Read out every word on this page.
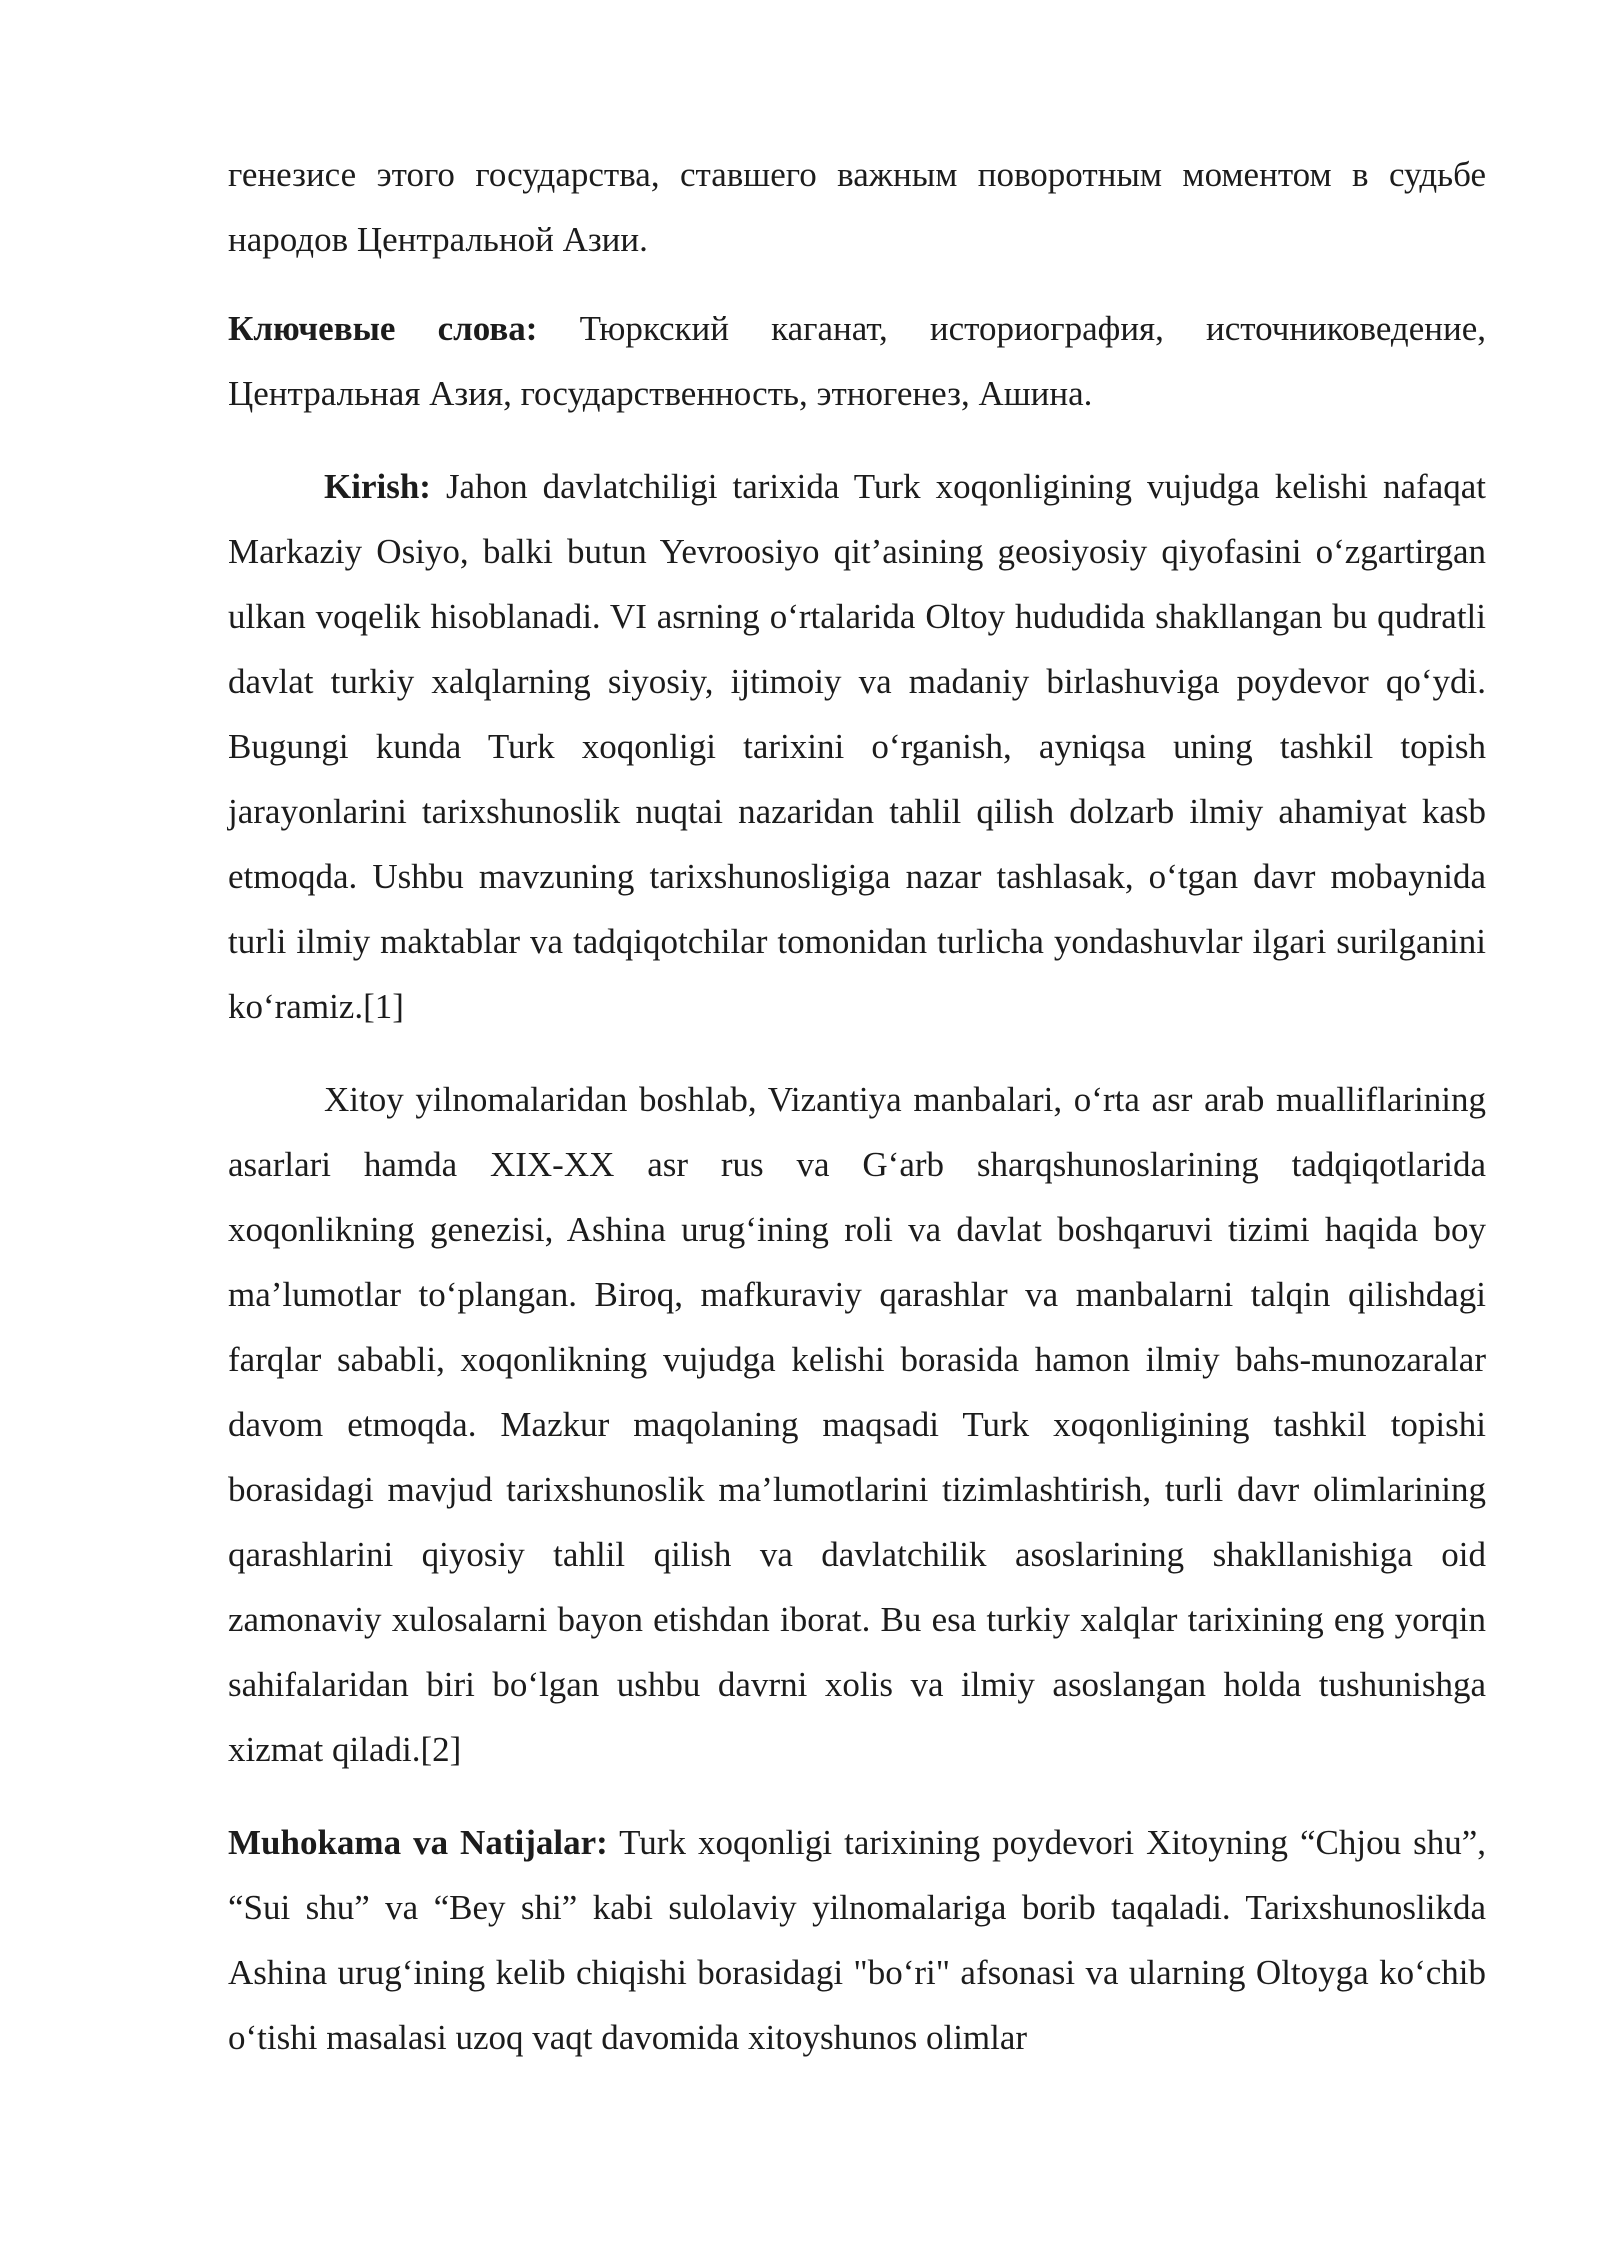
генезисе этого государства, ставшего важным поворотным моментом в судьбе народов Центральной Азии.

Ключевые слова: Тюркский каганат, историография, источниковедение, Центральная Азия, государственность, этногенез, Ашина.

Kirish: Jahon davlatchiligi tarixida Turk xoqonligining vujudga kelishi nafaqat Markaziy Osiyo, balki butun Yevroosiyo qit’asining geosiyosiy qiyofasini o‘zgartirgan ulkan voqelik hisoblanadi. VI asrning o‘rtalarida Oltoy hududida shakllangan bu qudratli davlat turkiy xalqlarning siyosiy, ijtimoiy va madaniy birlashuviga poydevor qo‘ydi. Bugungi kunda Turk xoqonligi tarixini o‘rganish, ayniqsa uning tashkil topish jarayonlarini tarixshunoslik nuqtai nazaridan tahlil qilish dolzarb ilmiy ahamiyat kasb etmoqda. Ushbu mavzuning tarixshunosligiga nazar tashlasak, o‘tgan davr mobaynida turli ilmiy maktablar va tadqiqotchilar tomonidan turlicha yondashuvlar ilgari surilganini ko‘ramiz.[1]

Xitoy yilnomalaridan boshlab, Vizantiya manbalari, o‘rta asr arab mualliflarining asarlari hamda XIX-XX asr rus va G‘arb sharqshunoslarining tadqiqotlarida xoqonlikning genezisi, Ashina urug‘ining roli va davlat boshqaruvi tizimi haqida boy ma’lumotlar to‘plangan. Biroq, mafkuraviy qarashlar va manbalarni talqin qilishdagi farqlar sababli, xoqonlikning vujudga kelishi borasida hamon ilmiy bahs-munozaralar davom etmoqda. Mazkur maqolaning maqsadi Turk xoqonligining tashkil topishi borasidagi mavjud tarixshunoslik ma’lumotlarini tizimlashtirish, turli davr olimlarining qarashlarini qiyosiy tahlil qilish va davlatchilik asoslarining shakllanishiga oid zamonaviy xulosalarni bayon etishdan iborat. Bu esa turkiy xalqlar tarixining eng yorqin sahifalaridan biri bo‘lgan ushbu davrni xolis va ilmiy asoslangan holda tushunishga xizmat qiladi.[2]

Muhokama va Natijalar: Turk xoqonligi tarixining poydevori Xitoyning “Chjou shu”, “Sui shu” va “Bey shi” kabi sulolaviy yilnomalariga borib taqaladi. Tarixshunoslikda Ashina urug‘ining kelib chiqishi borasidagi "bo‘ri" afsonasi va ularning Oltoyga ko‘chib o‘tishi masalasi uzoq vaqt davomida xitoyshunos olimlar
